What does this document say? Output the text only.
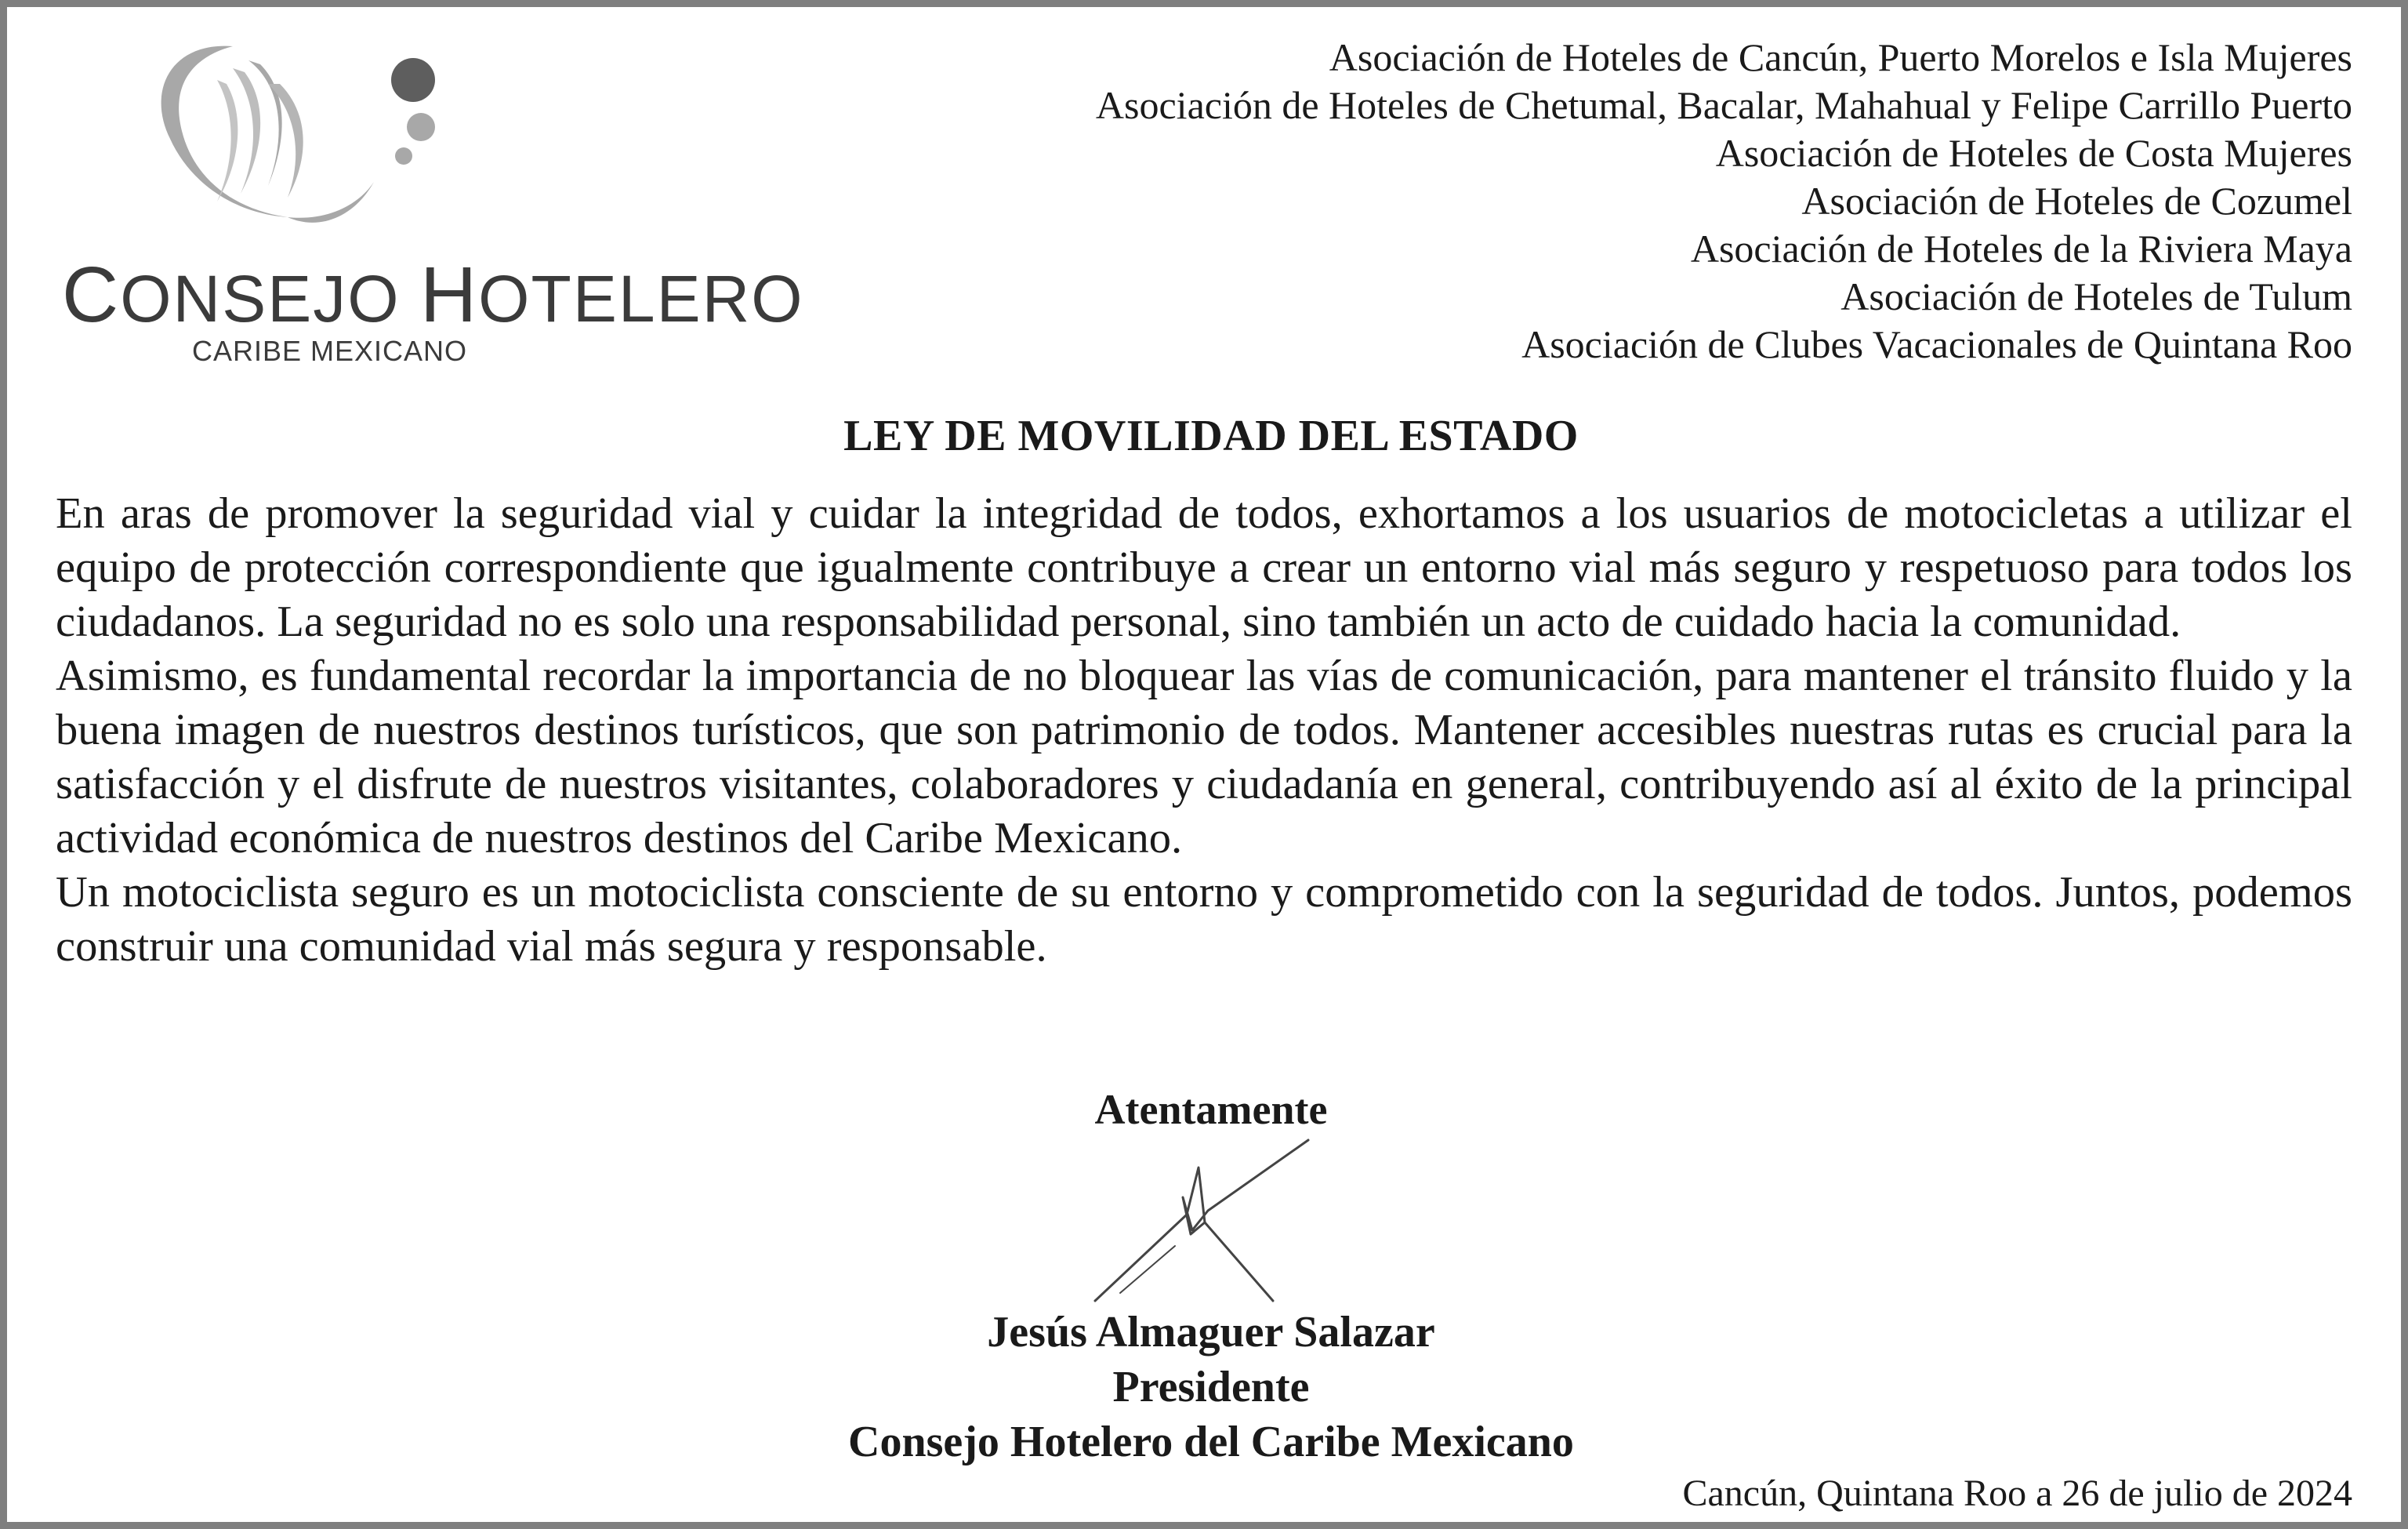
CONSEJO HOTELERO
CARIBE MEXICANO
Asociación de Hoteles de Cancún, Puerto Morelos e Isla Mujeres
Asociación de Hoteles de Chetumal, Bacalar, Mahahual y Felipe Carrillo Puerto
Asociación de Hoteles de Costa Mujeres
Asociación de Hoteles de Cozumel
Asociación de Hoteles de la Riviera Maya
Asociación de Hoteles de Tulum
Asociación de Clubes Vacacionales de Quintana Roo
LEY DE MOVILIDAD DEL ESTADO

En aras de promover la seguridad vial y cuidar la integridad de todos, exhortamos a los usuarios de motocicletas a utilizar el equipo de protección correspondiente que igualmente contribuye a crear un entorno vial más seguro y respetuoso para todos los ciudadanos. La seguridad no es solo una responsabilidad personal, sino también un acto de cuidado hacia la comunidad.

Asimismo, es fundamental recordar la importancia de no bloquear las vías de comunicación, para mantener el tránsito fluido y la buena imagen de nuestros destinos turísticos, que son patrimonio de todos. Mantener accesibles nuestras rutas es crucial para la satisfacción y el disfrute de nuestros visitantes, colaboradores y ciudadanía en general, contribuyendo así al éxito de la principal actividad económica de nuestros destinos del Caribe Mexicano.

Un motociclista seguro es un motociclista consciente de su entorno y comprometido con la seguridad de todos. Juntos, podemos construir una comunidad vial más segura y responsable.

Atentamente
Jesús Almaguer Salazar
Presidente
Consejo Hotelero del Caribe Mexicano
Cancún, Quintana Roo a 26 de julio de 2024
